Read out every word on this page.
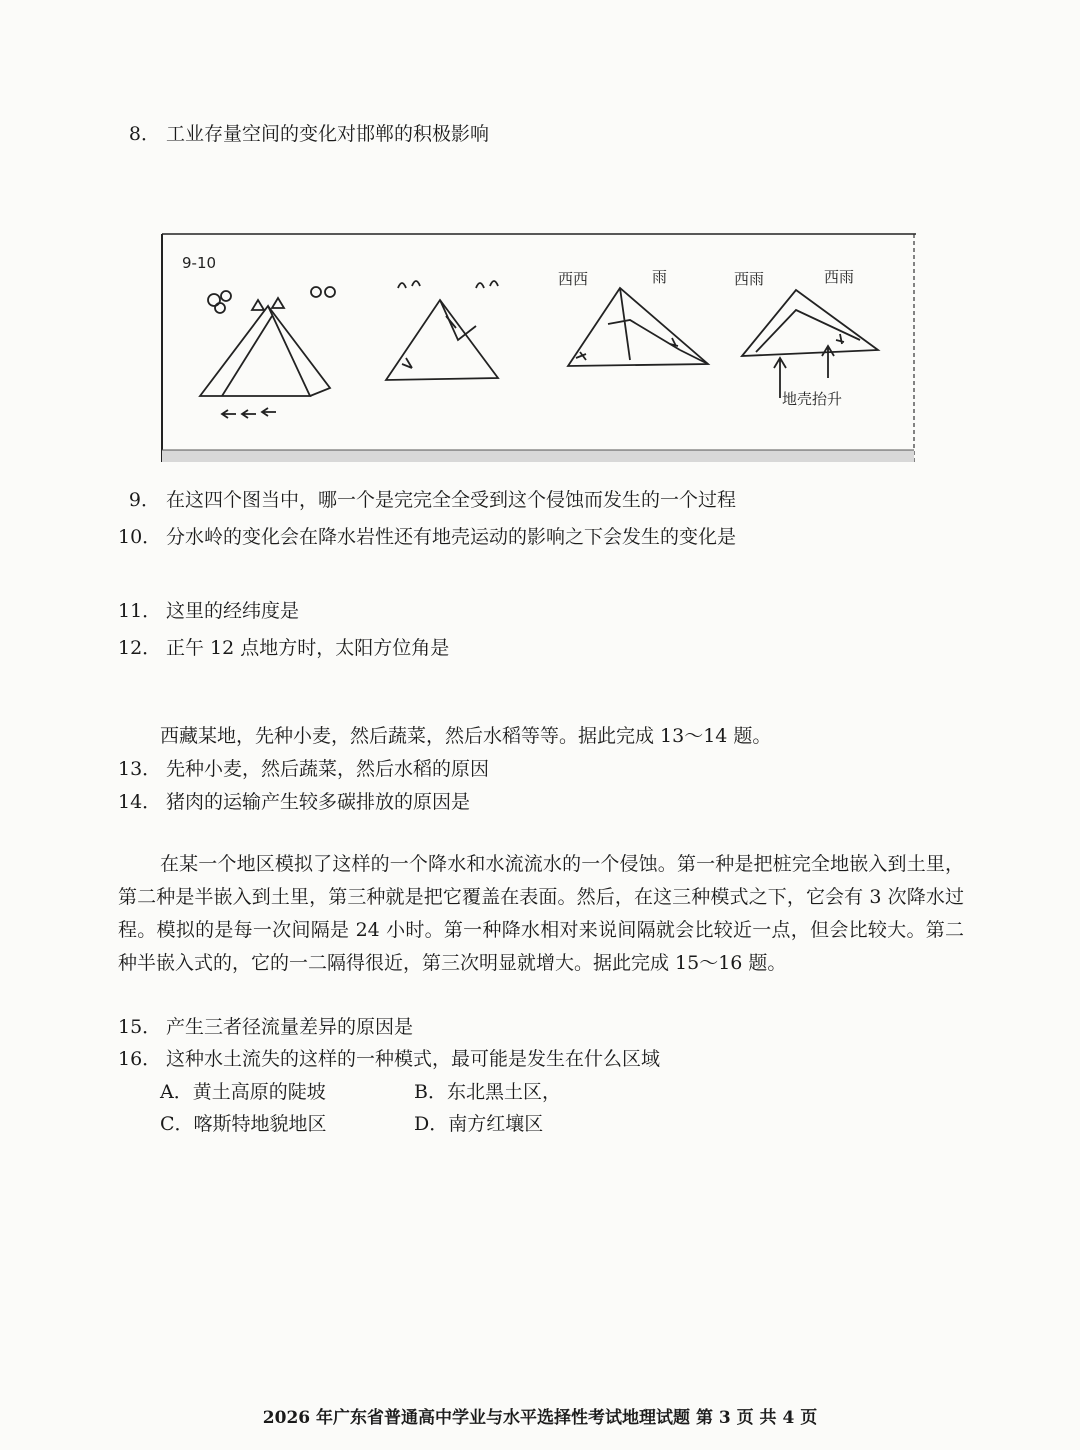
8． 工业存量空间的变化对邯郸的积极影响
9-10
西西	雨	西雨	西雨
地壳抬升
9． 在这四个图当中，哪一个是完完全全受到这个侵蚀而发生的一个过程
10． 分水岭的变化会在降水岩性还有地壳运动的影响之下会发生的变化是
11． 这里的经纬度是
12． 正午 12 点地方时，太阳方位角是
西藏某地，先种小麦，然后蔬菜，然后水稻等等。据此完成 13～14 题。
13． 先种小麦，然后蔬菜，然后水稻的原因
14． 猪肉的运输产生较多碳排放的原因是
在某一个地区模拟了这样的一个降水和水流流水的一个侵蚀。第一种是把桩完全地嵌入到土里，第二种是半嵌入到土里，第三种就是把它覆盖在表面。然后，在这三种模式之下，它会有 3 次降水过程。模拟的是每一次间隔是 24 小时。第一种降水相对来说间隔就会比较近一点，但会比较大。第二种半嵌入式的，它的一二隔得很近，第三次明显就增大。据此完成 15～16 题。
15． 产生三者径流量差异的原因是
16． 这种水土流失的这样的一种模式，最可能是发生在什么区域
A．黄土高原的陡坡	B．东北黑土区，
C．喀斯特地貌地区	D．南方红壤区
2026 年广东省普通高中学业与水平选择性考试地理试题 第 3 页 共 4 页
